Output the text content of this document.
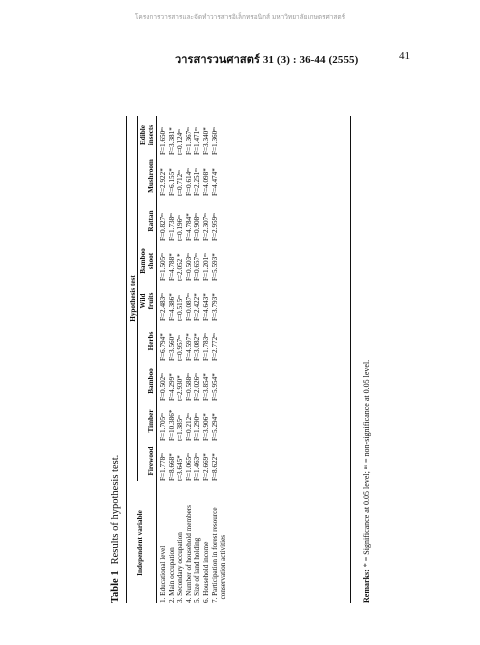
โครงการวารสารและจัดทำวารสารอิเล็กทรอนิกส์ มหาวิทยาลัยเกษตรศาสตร์
วารสารวนศาสตร์ 31 (3) : 36-44 (2555)	41
Table 1Results of hypothesis test. Independent variable
Hypothesis test
Firewood
Timber
Bamboo
Herbs
Wild
fruits
Bamboo
shoot
Rattan
Mushroom
Edible
insects
1. Educational level
F=1.778ⁿˢ
F=1.705ⁿˢ
F=0.502ⁿˢ
F=6.794*
F=2.483ⁿˢ
F=1.505ⁿˢ
F=0.827ⁿˢ
F=2.922*
F=1.650ⁿˢ
2. Main occupation
F=8.668*
F=10.386*
F=4.299*
F=3.560*
F=4.386*
F=4.788*
F=1.738ⁿˢ
F=6.155*
F=3.381*
3. Secondary occupation
t=3.645*
t=1.385ⁿˢ
t=2.930*
t=0.957ⁿˢ
t=0.515ⁿˢ
t=2.052 *
t=0.196ⁿˢ
t=0.712ⁿˢ
t=0.124ⁿˢ
4. Number of household members
F=1.065ⁿˢ
F=0.212ⁿˢ
F=0.588ⁿˢ
F=4.597*
F=0.087ⁿˢ
F=0.503ⁿˢ
F=4.784*
F=0.614ⁿˢ
F=1.367ⁿˢ
5. Size of land holding
F=1.463ⁿˢ
F=1.290ⁿˢ
F=2.026ⁿˢ
F=3.082*
F=2.422*
F=0.657ⁿˢ
F=0.908ⁿˢ
F=2.251ⁿˢ
F=1.471ⁿˢ
6. Household income
F=2.669*
F=3.906*
F=3.854*
F=1.783ⁿˢ
F=4.643*
F=1.201ⁿˢ
F=2.307ⁿˢ
F=4.098*
F=3.340*
7. Participation in forest resource
conservation activities
F=8.622*
F=5.294*
F=5.954*
F=2.772ⁿˢ
F=3.793*
F=5.593*
F=2.959ⁿˢ
F=4.474*
F=1.360ⁿˢ
Remarks: * = Significance at 0.05 level; ⁿˢ = non-significance at 0.05 level.
